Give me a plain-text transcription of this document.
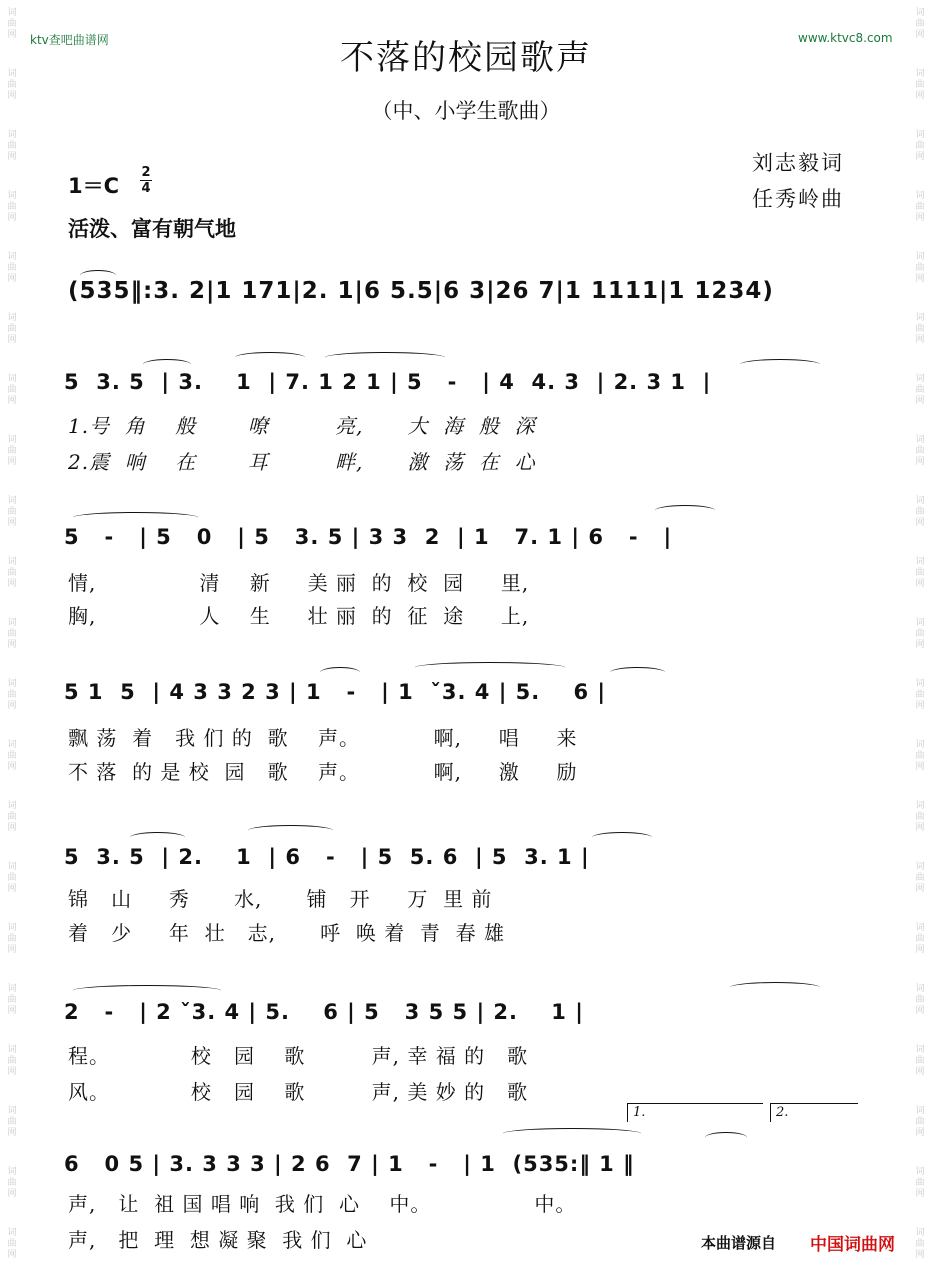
词
曲
网
词
曲
网
词
曲
网
词
曲
网
词
曲
网
词
曲
网
词
曲
网
词
曲
网
词
曲
网
词
曲
网
词
曲
网
词
曲
网
词
曲
网
词
曲
网
词
曲
网
词
曲
网
词
曲
网
词
曲
网
词
曲
网
词
曲
网
词
曲
网
词
曲
网
词
曲
网
词
曲
网
词
曲
网
词
曲
网
词
曲
网
词
曲
网
词
曲
网
词
曲
网
词
曲
网
词
曲
网
词
曲
网
词
曲
网
词
曲
网
词
曲
网
词
曲
网
词
曲
网
词
曲
网
词
曲
网
词
曲
网
词
曲
网
ktv查吧曲谱网	www.ktvc8.com
不落的校园歌声
（中、小学生歌曲）
刘志毅词
任秀岭曲
1＝C
2
4
活泼、富有朝气地
(535‖:3. 2|1 171|2. 1|6 5.5|6 3|26 7|1 1111|1 1234)
5  3. 5  | 3.    1  | 7. 1 2 1 | 5   -   | 4  4. 3  | 2. 3 1  |
1.号  角    般       嘹         亮,      大  海  般  深
2.震  响    在       耳         畔,      激  荡  在  心
5   -   | 5   0   | 5   3. 5 | 3 3  2  | 1   7. 1 | 6   -   |
情,              清    新     美 丽  的  校  园     里,
胸,              人    生     壮 丽  的  征  途     上,
5 1  5  | 4 3 3 2 3 | 1   -   | 1  ˇ3. 4 | 5.    6 |
飘 荡  着   我 们 的  歌    声。          啊,     唱     来
不 落  的 是 校  园   歌    声。          啊,     激     励
5  3. 5  | 2.    1  | 6   -   | 5  5. 6  | 5  3. 1 |
锦   山     秀      水,      铺   开     万  里 前
着   少     年  壮   志,      呼  唤 着  青  春 雄
2   -   | 2 ˇ3. 4 | 5.    6 | 5   3 5 5 | 2.    1 |
程。           校   园    歌         声, 幸 福 的   歌
风。           校   园    歌         声, 美 妙 的   歌
1.	2.
6   0 5 | 3. 3 3 3 | 2 6  7 | 1   -   | 1  (535:‖ 1 ‖
声,   让  祖 国 唱 响  我 们  心    中。              中。
声,   把  理  想 凝 聚  我 们  心	本曲谱源自 中国词曲网
